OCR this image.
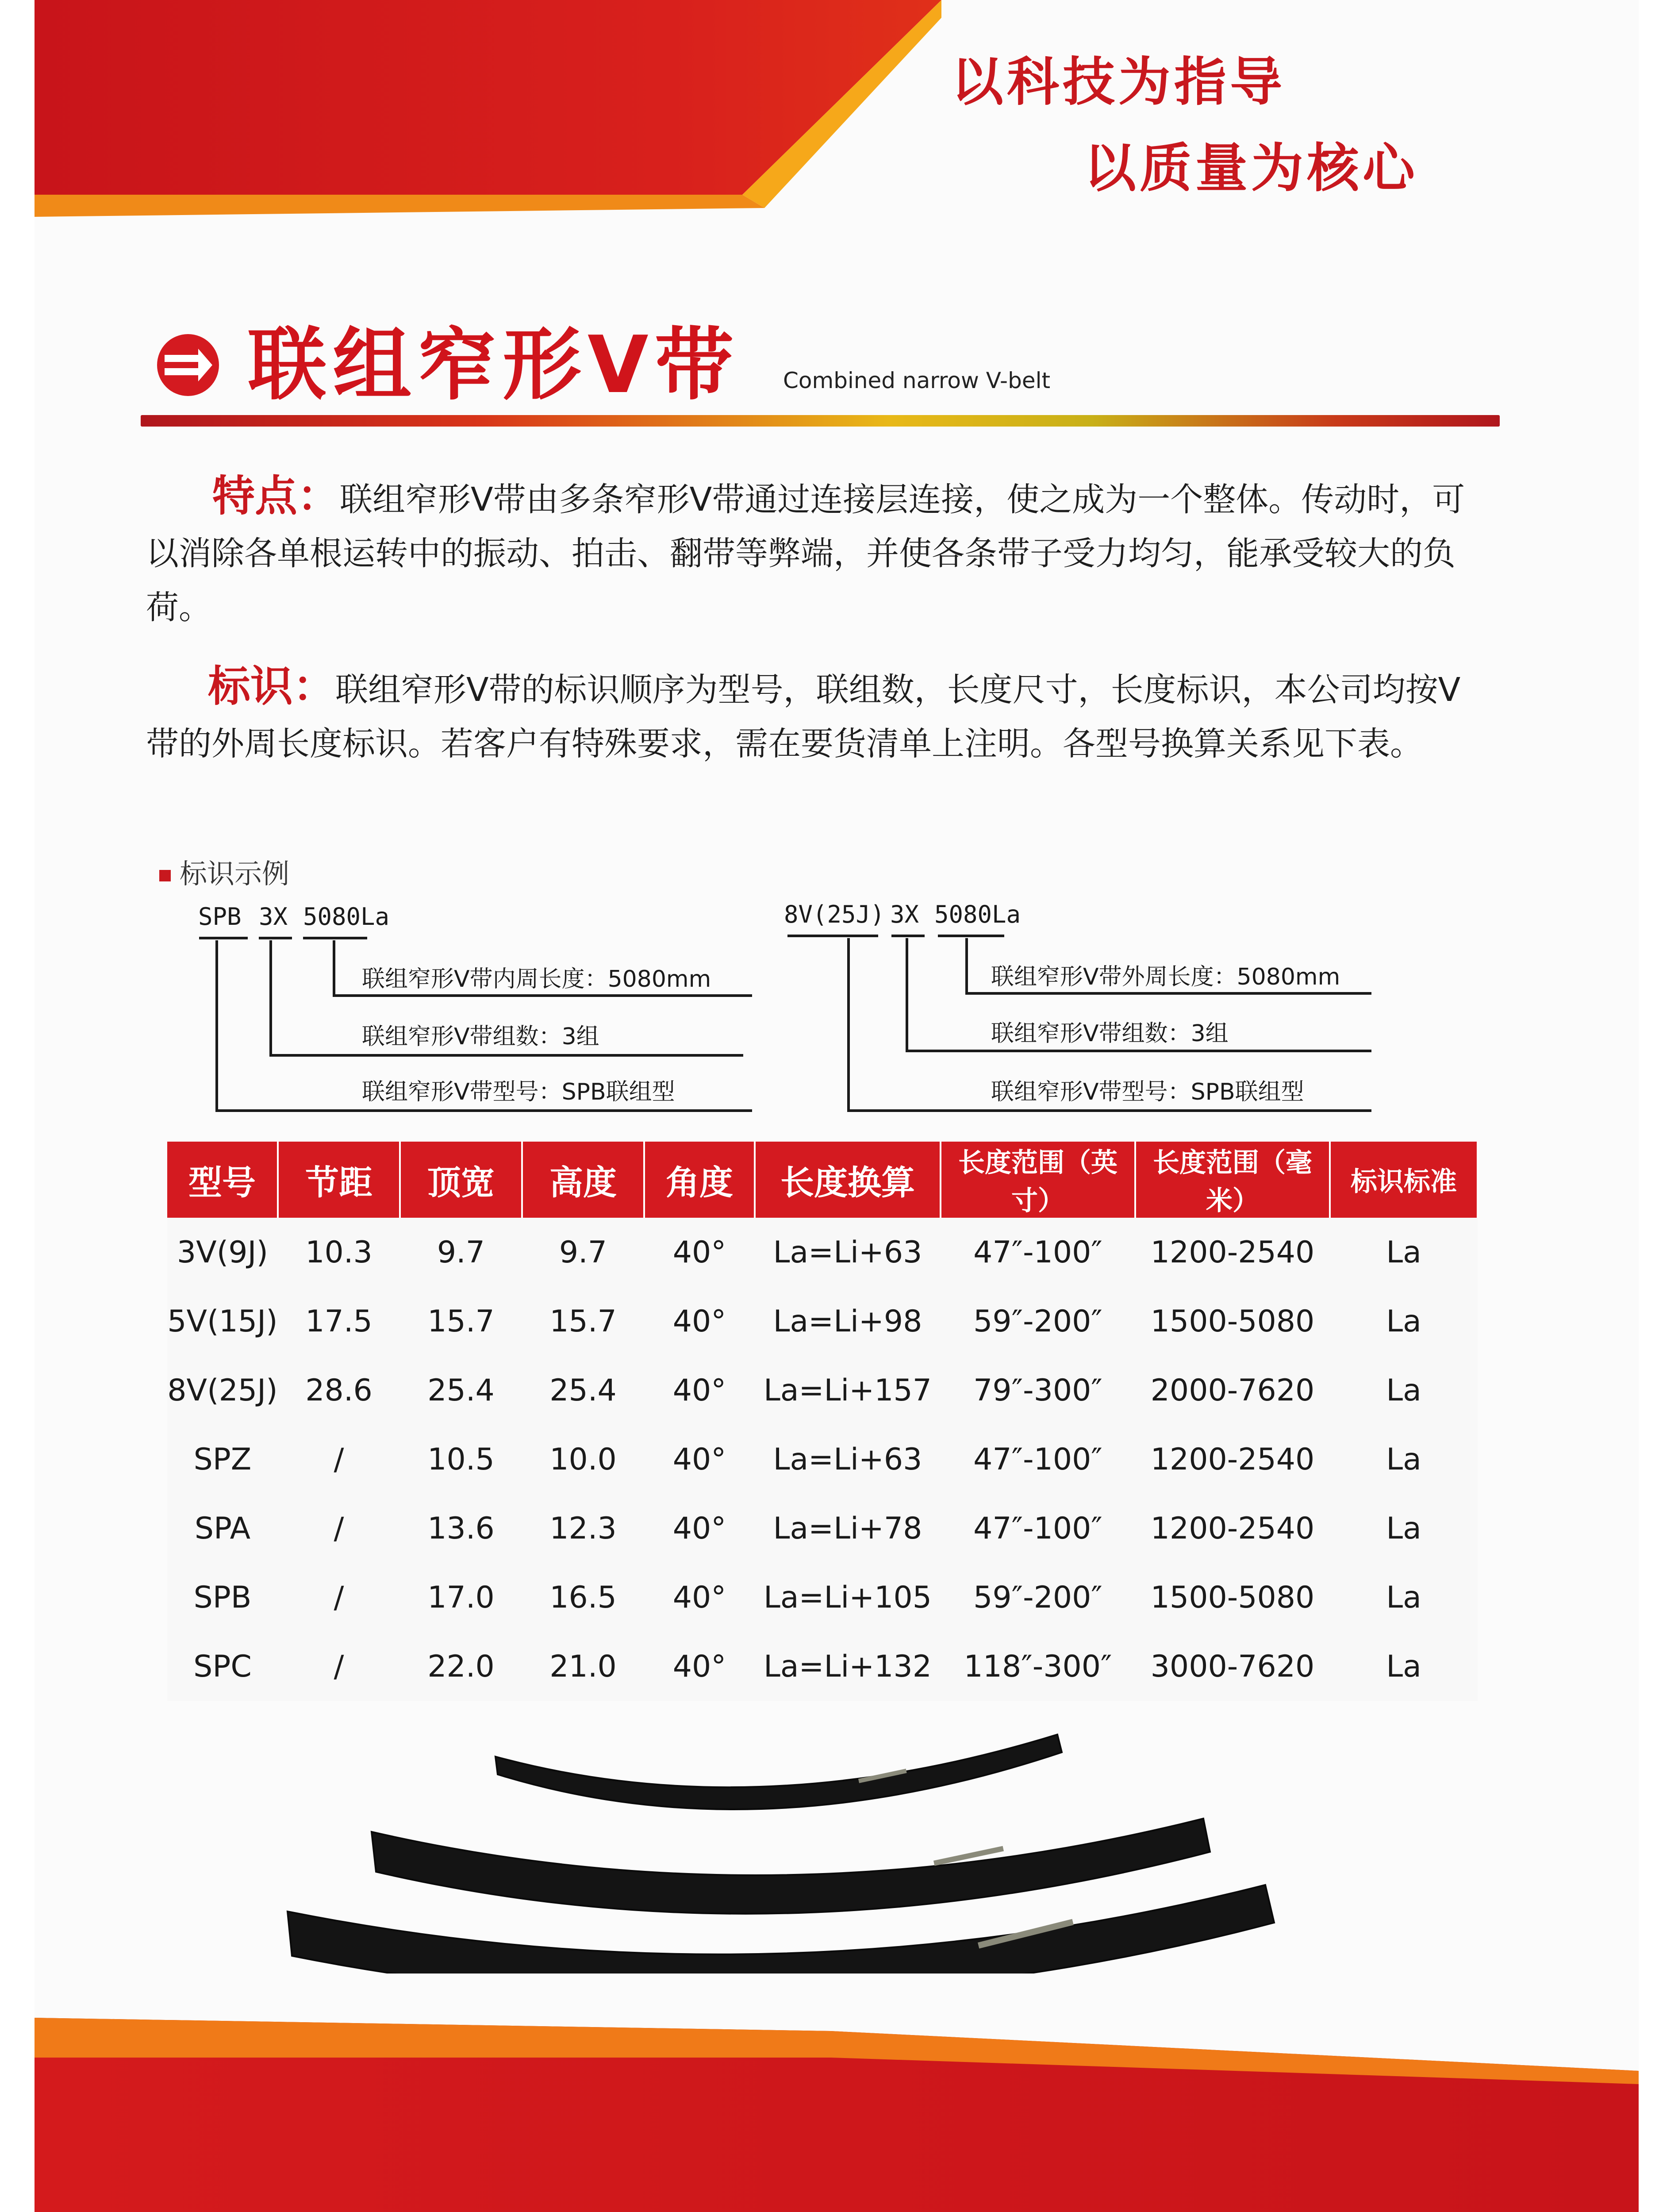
以科技为指导
以质量为核心
联组窄形V带 Combined narrow V-belt
特点：联组窄形V带由多条窄形V带通过连接层连接，使之成为一个整体。传动时，可以消除各单根运转中的振动、拍击、翻带等弊端，并使各条带子受力均匀，能承受较大的负荷。
标识：联组窄形V带的标识顺序为型号，联组数，长度尺寸，长度标识，本公司均按V带的外周长度标识。若客户有特殊要求，需在要货清单上注明。各型号换算关系见下表。
标识示例
SPB 3X 5080La
联组窄形V带内周长度：5080mm
联组窄形V带组数：3组
联组窄形V带型号：SPB联组型
8V(25J) 3X 5080La
联组窄形V带外周长度：5080mm
联组窄形V带组数：3组
联组窄形V带型号：SPB联组型
型号	节距	顶宽	高度	角度	长度换算	长度范围（英寸）	长度范围（毫米）	标识标准
3V(9J)	10.3	9.7	9.7	40°	La=Li+63	47″-100″	1200-2540	La
5V(15J)	17.5	15.7	15.7	40°	La=Li+98	59″-200″	1500-5080	La
8V(25J)	28.6	25.4	25.4	40°	La=Li+157	79″-300″	2000-7620	La
SPZ	/	10.5	10.0	40°	La=Li+63	47″-100″	1200-2540	La
SPA	/	13.6	12.3	40°	La=Li+78	47″-100″	1200-2540	La
SPB	/	17.0	16.5	40°	La=Li+105	59″-200″	1500-5080	La
SPC	/	22.0	21.0	40°	La=Li+132	118″-300″	3000-7620	La
